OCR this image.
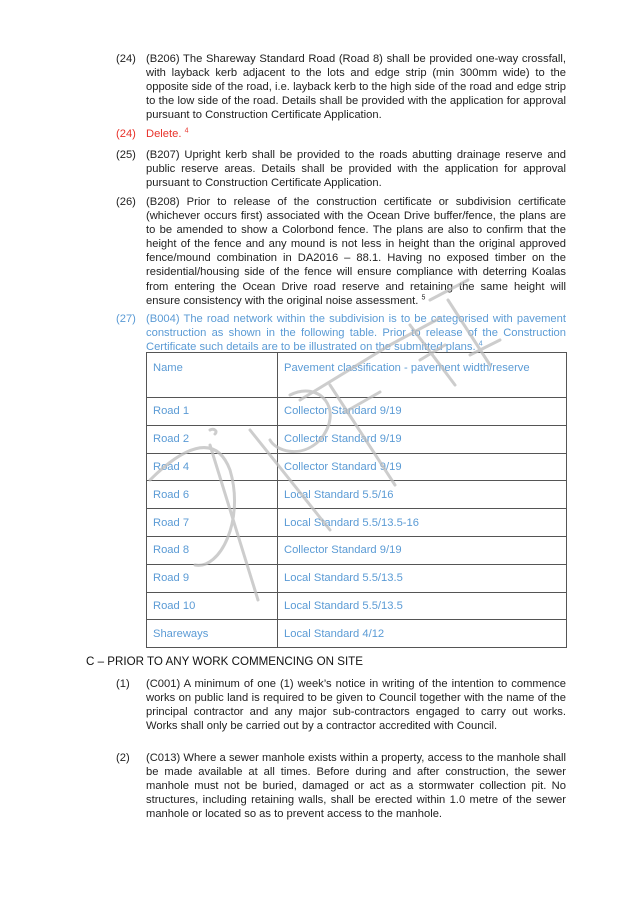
(24) (B206) The Shareway Standard Road (Road 8) shall be provided one-way crossfall, with layback kerb adjacent to the lots and edge strip (min 300mm wide) to the opposite side of the road, i.e. layback kerb to the high side of the road and edge strip to the low side of the road. Details shall be provided with the application for approval pursuant to Construction Certificate Application.
(24) Delete. $^4$
(25) (B207) Upright kerb shall be provided to the roads abutting drainage reserve and public reserve areas. Details shall be provided with the application for approval pursuant to Construction Certificate Application.
(26) (B208) Prior to release of the construction certificate or subdivision certificate (whichever occurs first) associated with the Ocean Drive buffer/fence, the plans are to be amended to show a Colorbond fence. The plans are also to confirm that the height of the fence and any mound is not less in height than the original approved fence/mound combination in DA2016 – 88.1. Having no exposed timber on the residential/housing side of the fence will ensure compliance with deterring Koalas from entering the Ocean Drive road reserve and retaining the same height will ensure consistency with the original noise assessment. $^5$
(27) (B004) The road network within the subdivision is to be categorised with pavement construction as shown in the following table. Prior to release of the Construction Certificate such details are to be illustrated on the submitted plans. $^4$
Name	Pavement classification - pavement width/reserve
Road 1	Collector Standard 9/19
Road 2	Collector Standard 9/19
Road 4	Collector Standard 9/19
Road 6	Local Standard 5.5/16
Road 7	Local Standard 5.5/13.5-16
Road 8	Collector Standard 9/19
Road 9	Local Standard 5.5/13.5
Road 10	Local Standard 5.5/13.5
Shareways	Local Standard 4/12
C – PRIOR TO ANY WORK COMMENCING ON SITE
(1) (C001) A minimum of one (1) week’s notice in writing of the intention to commence works on public land is required to be given to Council together with the name of the principal contractor and any major sub-contractors engaged to carry out works. Works shall only be carried out by a contractor accredited with Council.
(2) (C013) Where a sewer manhole exists within a property, access to the manhole shall be made available at all times. Before during and after construction, the sewer manhole must not be buried, damaged or act as a stormwater collection pit. No structures, including retaining walls, shall be erected within 1.0 metre of the sewer manhole or located so as to prevent access to the manhole.
